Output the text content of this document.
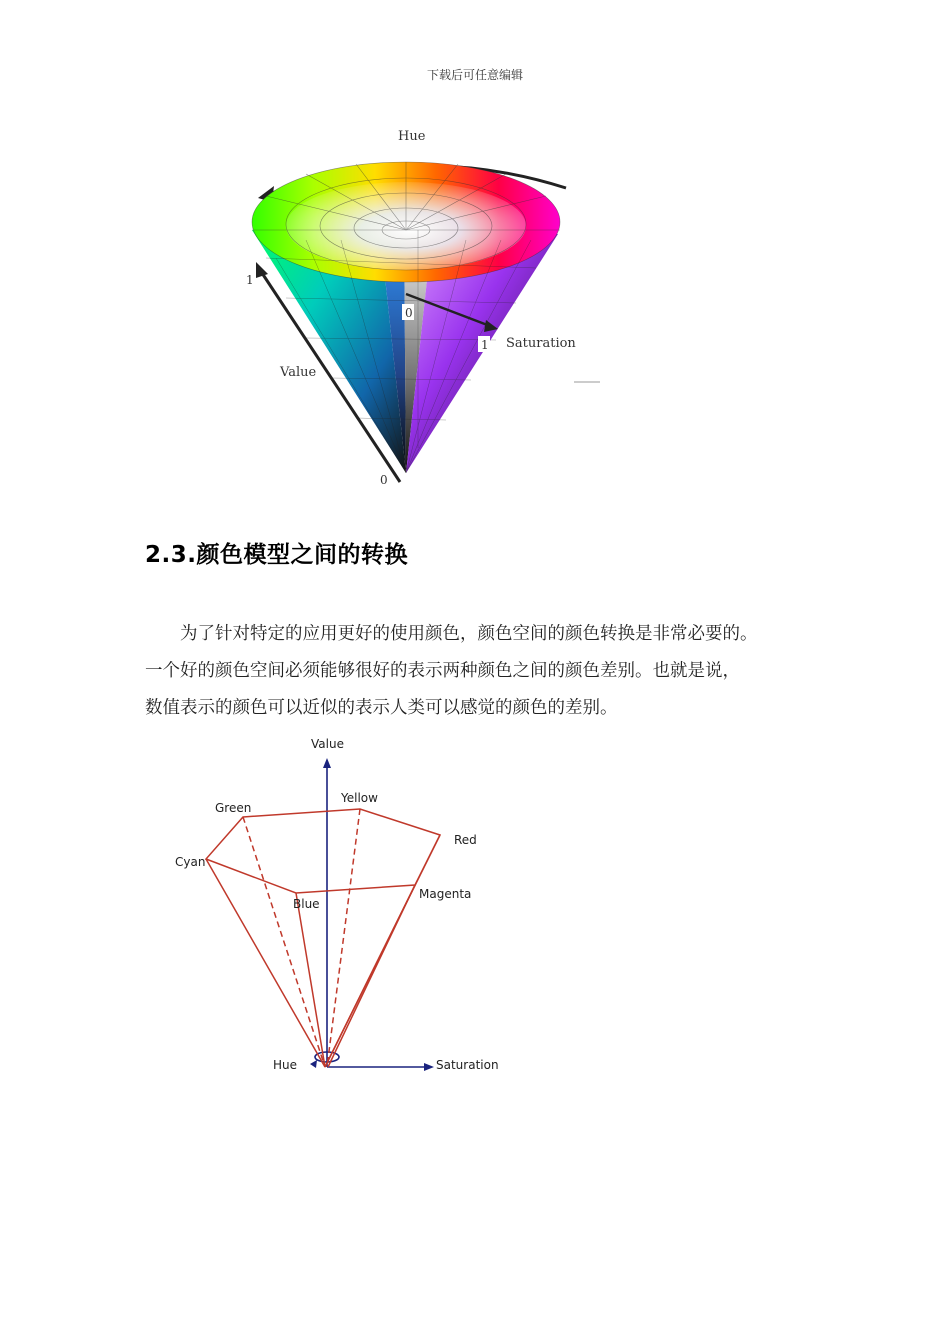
下载后可任意编辑
Hue
1
Value
0
0
1 Saturation
2.3.颜色模型之间的转换

为了针对特定的应用更好的使用颜色，颜色空间的颜色转换是非常必要的。

一个好的颜色空间必须能够很好的表示两种颜色之间的颜色差别。也就是说，

数值表示的颜色可以近似的表示人类可以感觉的颜色的差别。

Value
Saturation
Hue
Green
Yellow
Red
Cyan
Blue
Magenta
